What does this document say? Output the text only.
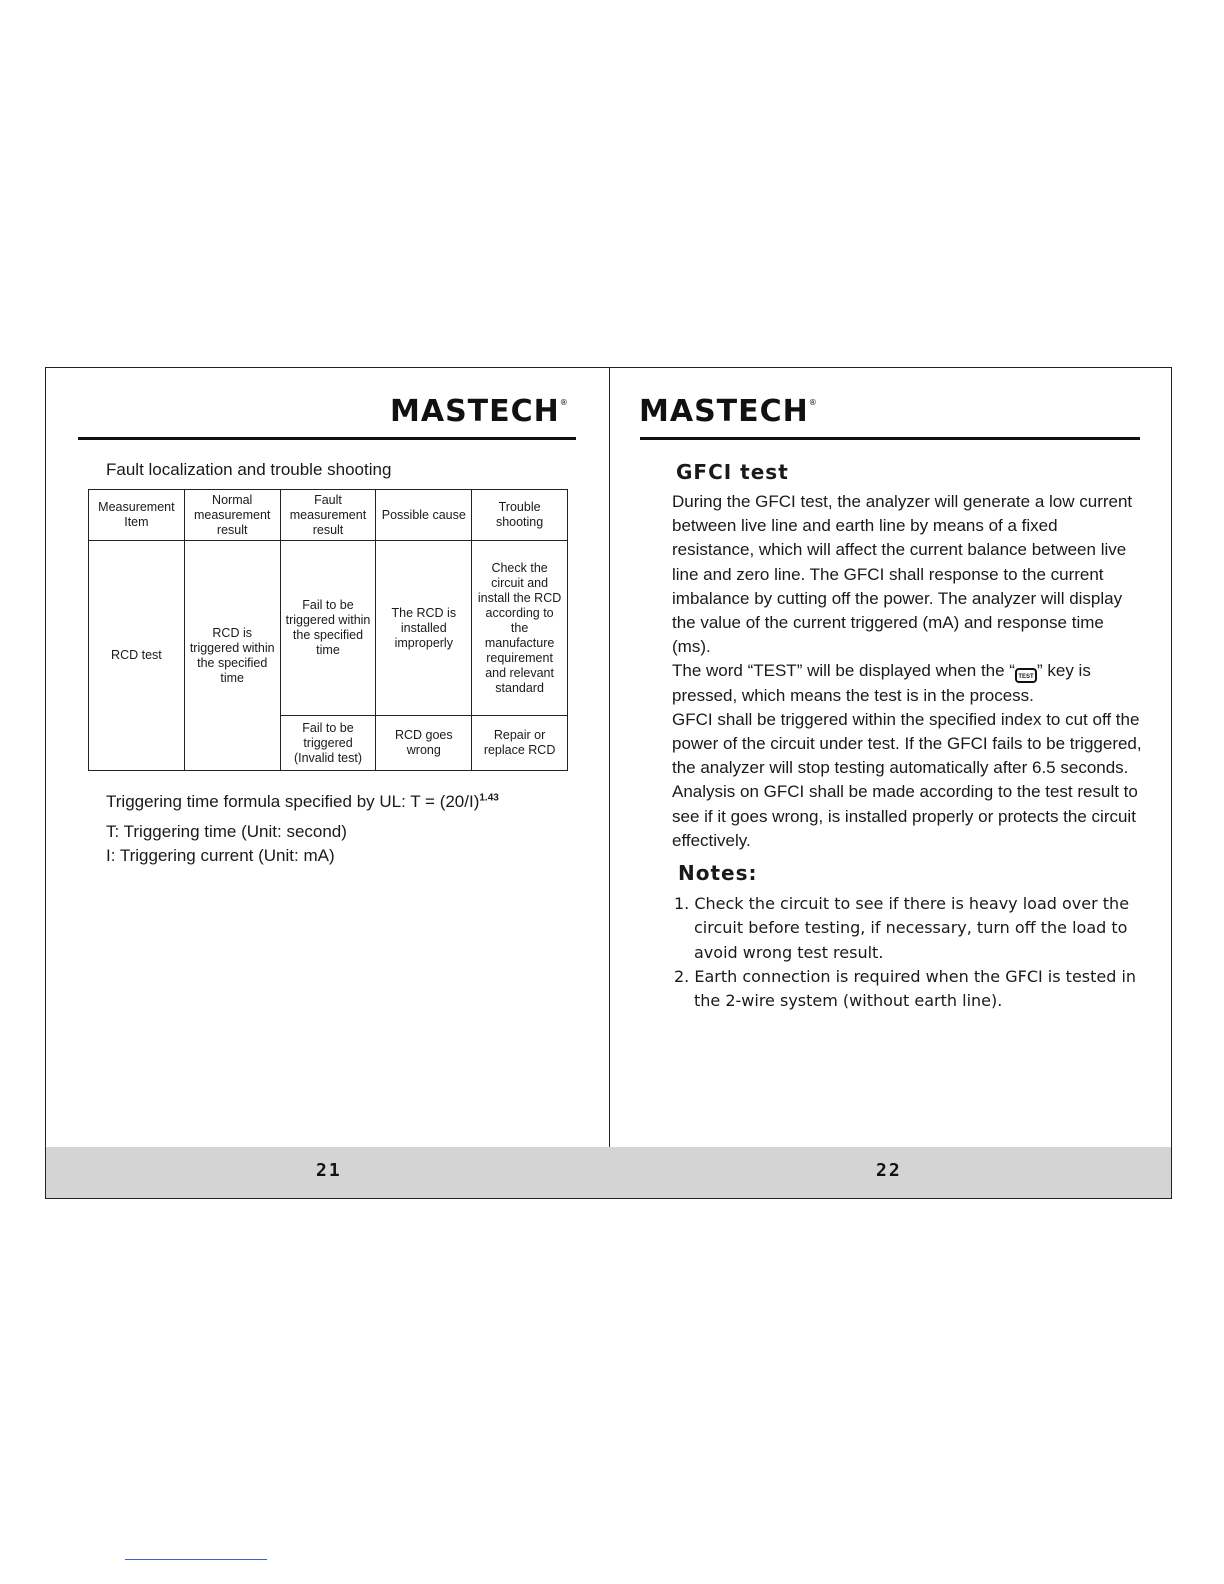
MASTECH®
Fault localization and trouble shooting
Measurement Item	Normal measurement result	Fault measurement result	Possible cause	Trouble shooting
RCD test	RCD is triggered within the specified time	Fail to be triggered within the specified time	The RCD is installed improperly	Check the circuit and install the RCD according to the manufacture requirement and relevant standard
		Fail to be triggered (Invalid test)	RCD goes wrong	Repair or replace RCD
Triggering time formula specified by UL: $T = (20/I)^{1.43}$
T: Triggering time (Unit: second)
I: Triggering current (Unit: mA)
MASTECH®
GFCI test

During the GFCI test, the analyzer will generate a low current between live line and earth line by means of a fixed resistance, which will affect the current balance between live line and zero line. The GFCI shall response to the current imbalance by cutting off the power. The analyzer will display the value of the current triggered (mA) and response time (ms).

The word “TEST” will be displayed when the “ TEST ” key is pressed, which means the test is in the process.

GFCI shall be triggered within the specified index to cut off the power of the circuit under test. If the GFCI fails to be triggered, the analyzer will stop testing automatically after 6.5 seconds. Analysis on GFCI shall be made according to the test result to see if it goes wrong, is installed properly or protects the circuit effectively.

Notes:
1. Check the circuit to see if there is heavy load over the circuit before testing, if necessary, turn off the load to avoid wrong test result.
2. Earth connection is required when the GFCI is tested in the 2-wire system (without earth line).
21	22
